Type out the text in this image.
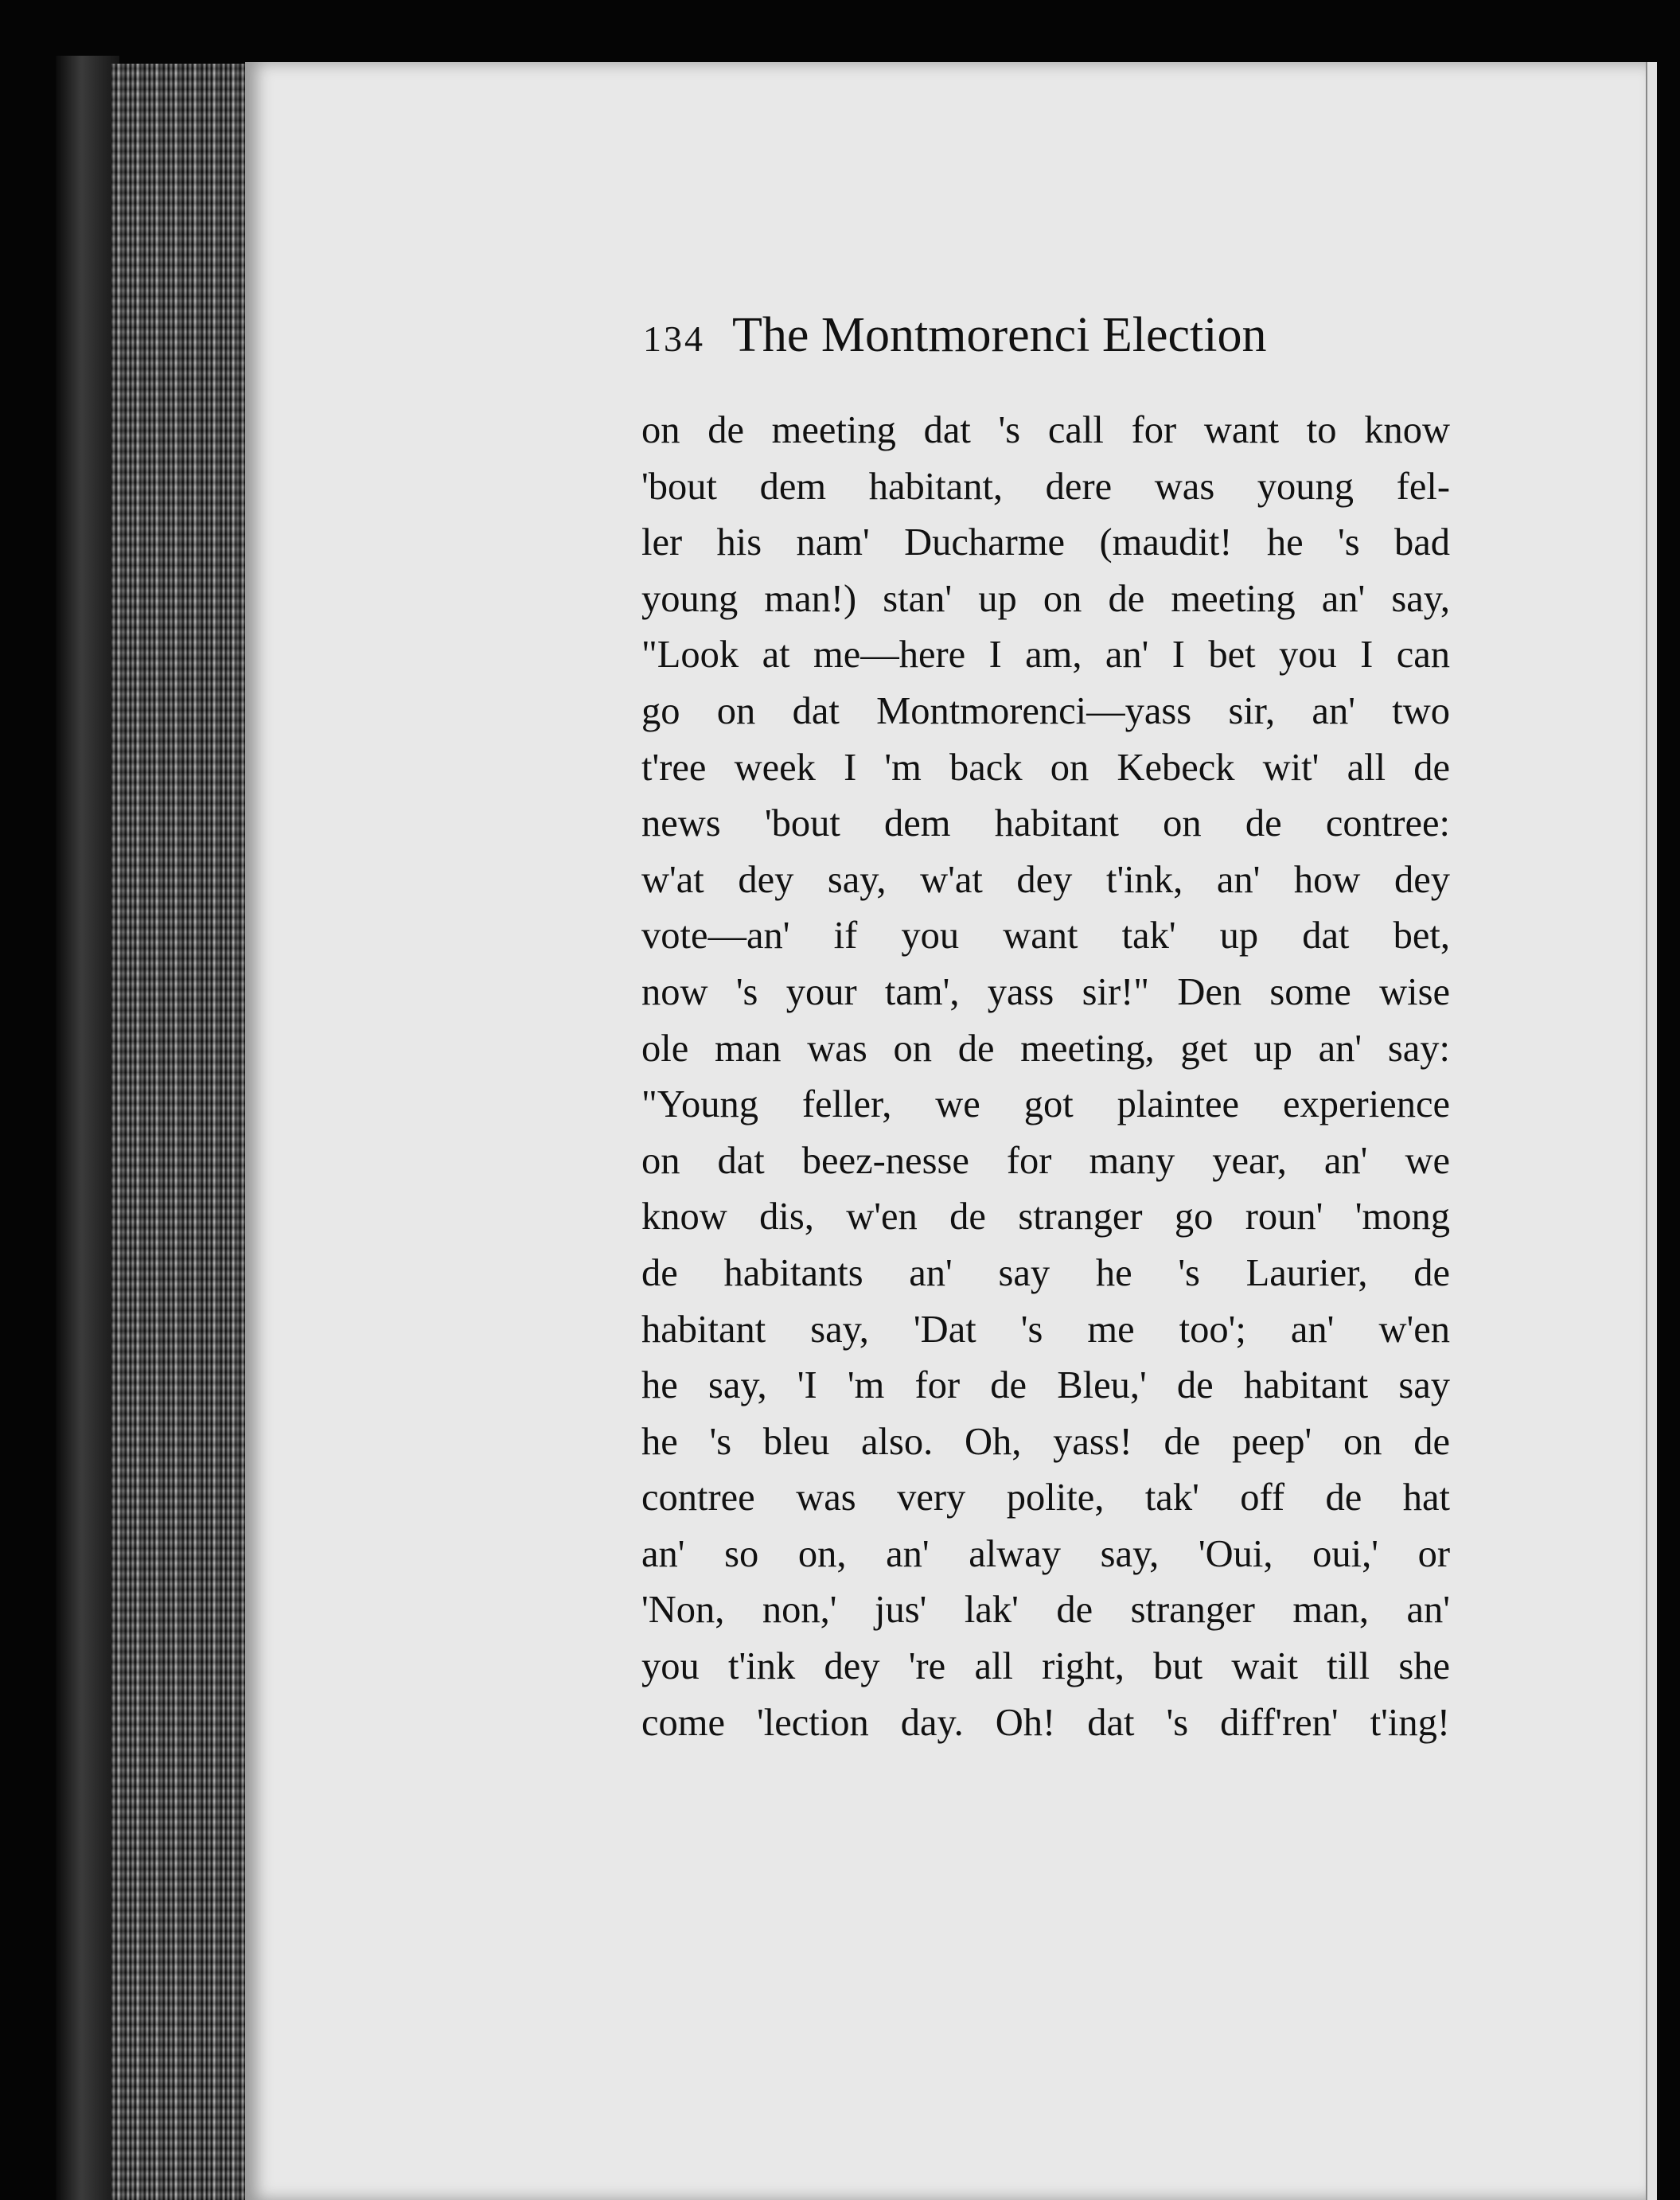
134 The Montmorenci Election
on de meeting dat 's call for want to know
'bout dem habitant, dere was young fel-
ler his nam' Ducharme (maudit! he 's bad
young man!) stan' up on de meeting an' say,
"Look at me—here I am, an' I bet you I can
go on dat Montmorenci—yass sir, an' two
t'ree week I 'm back on Kebeck wit' all de
news 'bout dem habitant on de contree:
w'at dey say, w'at dey t'ink, an' how dey
vote—an' if you want tak' up dat bet,
now 's your tam', yass sir!" Den some wise
ole man was on de meeting, get up an' say:
"Young feller, we got plaintee experience
on dat beez-nesse for many year, an' we
know dis, w'en de stranger go roun' 'mong
de habitants an' say he 's Laurier, de
habitant say, 'Dat 's me too'; an' w'en
he say, 'I 'm for de Bleu,' de habitant say
he 's bleu also. Oh, yass! de peep' on de
contree was very polite, tak' off de hat
an' so on, an' alway say, 'Oui, oui,' or
'Non, non,' jus' lak' de stranger man, an'
you t'ink dey 're all right, but wait till she
come 'lection day. Oh! dat 's diff'ren' t'ing!
